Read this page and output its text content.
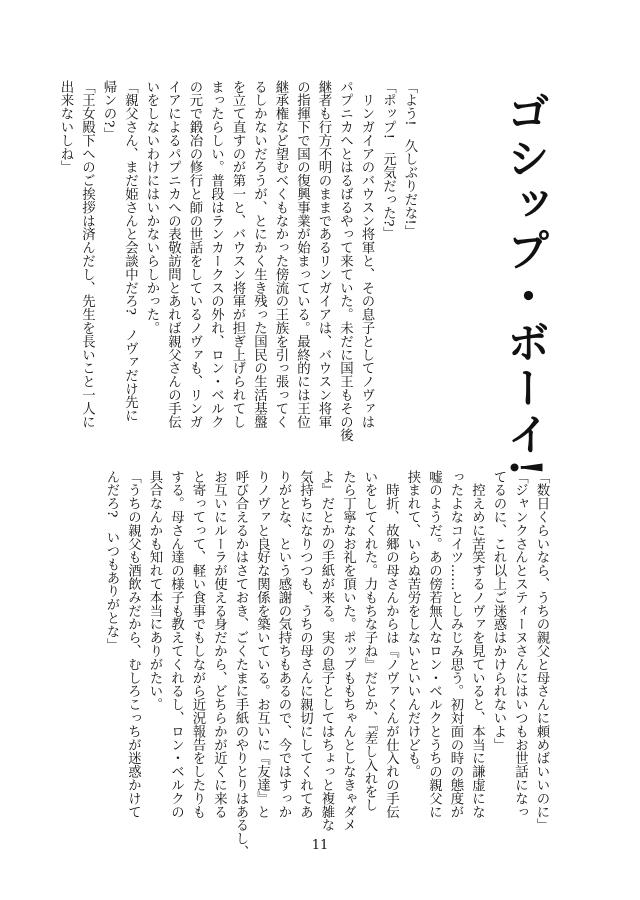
ゴシップ・ボーイ!
「よう!　久しぶりだな!」
「ポップ!　元気だった?」
　リンガイアのバウスン将軍と、その息子としてノヴァは
パプニカへとはるばるやって来ていた。未だに国王もその後
継者も行方不明のままであるリンガイアは、バウスン将軍
の指揮下で国の復興事業が始まっている。最終的には王位
継承権など望むべくもなかった傍流の王族を引っ張ってく
るしかないだろうが、とにかく生き残った国民の生活基盤
を立て直すのが第一と、バウスン将軍が担ぎ上げられてし
まったらしい。普段はランカークスの外れ、ロン・ベルク
の元で鍛冶の修行と師の世話をしているノヴァも、リンガ
イアによるパプニカへの表敬訪問とあれば親父さんの手伝
いをしないわけにはいかないらしかった。
「親父さん、まだ姫さんと会談中だろ?　ノヴァだけ先に
帰ンの?」
「王女殿下へのご挨拶は済んだし、先生を長いこと一人に
出来ないしね」
「数日くらいなら、うちの親父と母さんに頼めばいいのに」
「ジャンクさんとスティーヌさんにはいつもお世話になっ
てるのに、これ以上ご迷惑はかけられないよ」
　控えめに苦笑するノヴァを見ていると、本当に謙虚にな
ったよなコイツ……としみじみ思う。初対面の時の態度が
嘘のようだ。あの傍若無人なロン・ベルクとうちの親父に
挟まれて、いらぬ苦労をしないといいんだけども。
　時折、故郷の母さんからは『ノヴァくんが仕入れの手伝
いをしてくれた。力もちな子ね』だとか、『差し入れをし
たら丁寧なお礼を頂いた。ポップももちゃんとしなきゃダメ
よ』だとかの手紙が来る。実の息子としてはちょっと複雑な
気持ちになりつつも、うちの母さんに親切にしてくれてあ
りがとな、という感謝の気持ちもあるので、今ではすっか
りノヴァと良好な関係を築いている。お互いに『友達』と
呼び合えるかはさておき、ごくたまに手紙のやりとりはあるし、
お互いにルーラが使える身だから、どちらかが近くに来る
と寄ってって、軽い食事でもしながら近況報告をしたりも
する。母さん達の様子も教えてくれるし、ロン・ベルクの
具合なんかも知れて本当にありがたい。
「うちの親父も酒飲みだから、むしろこっちが迷惑かけて
んだろ?　いつもありがとな」
11
